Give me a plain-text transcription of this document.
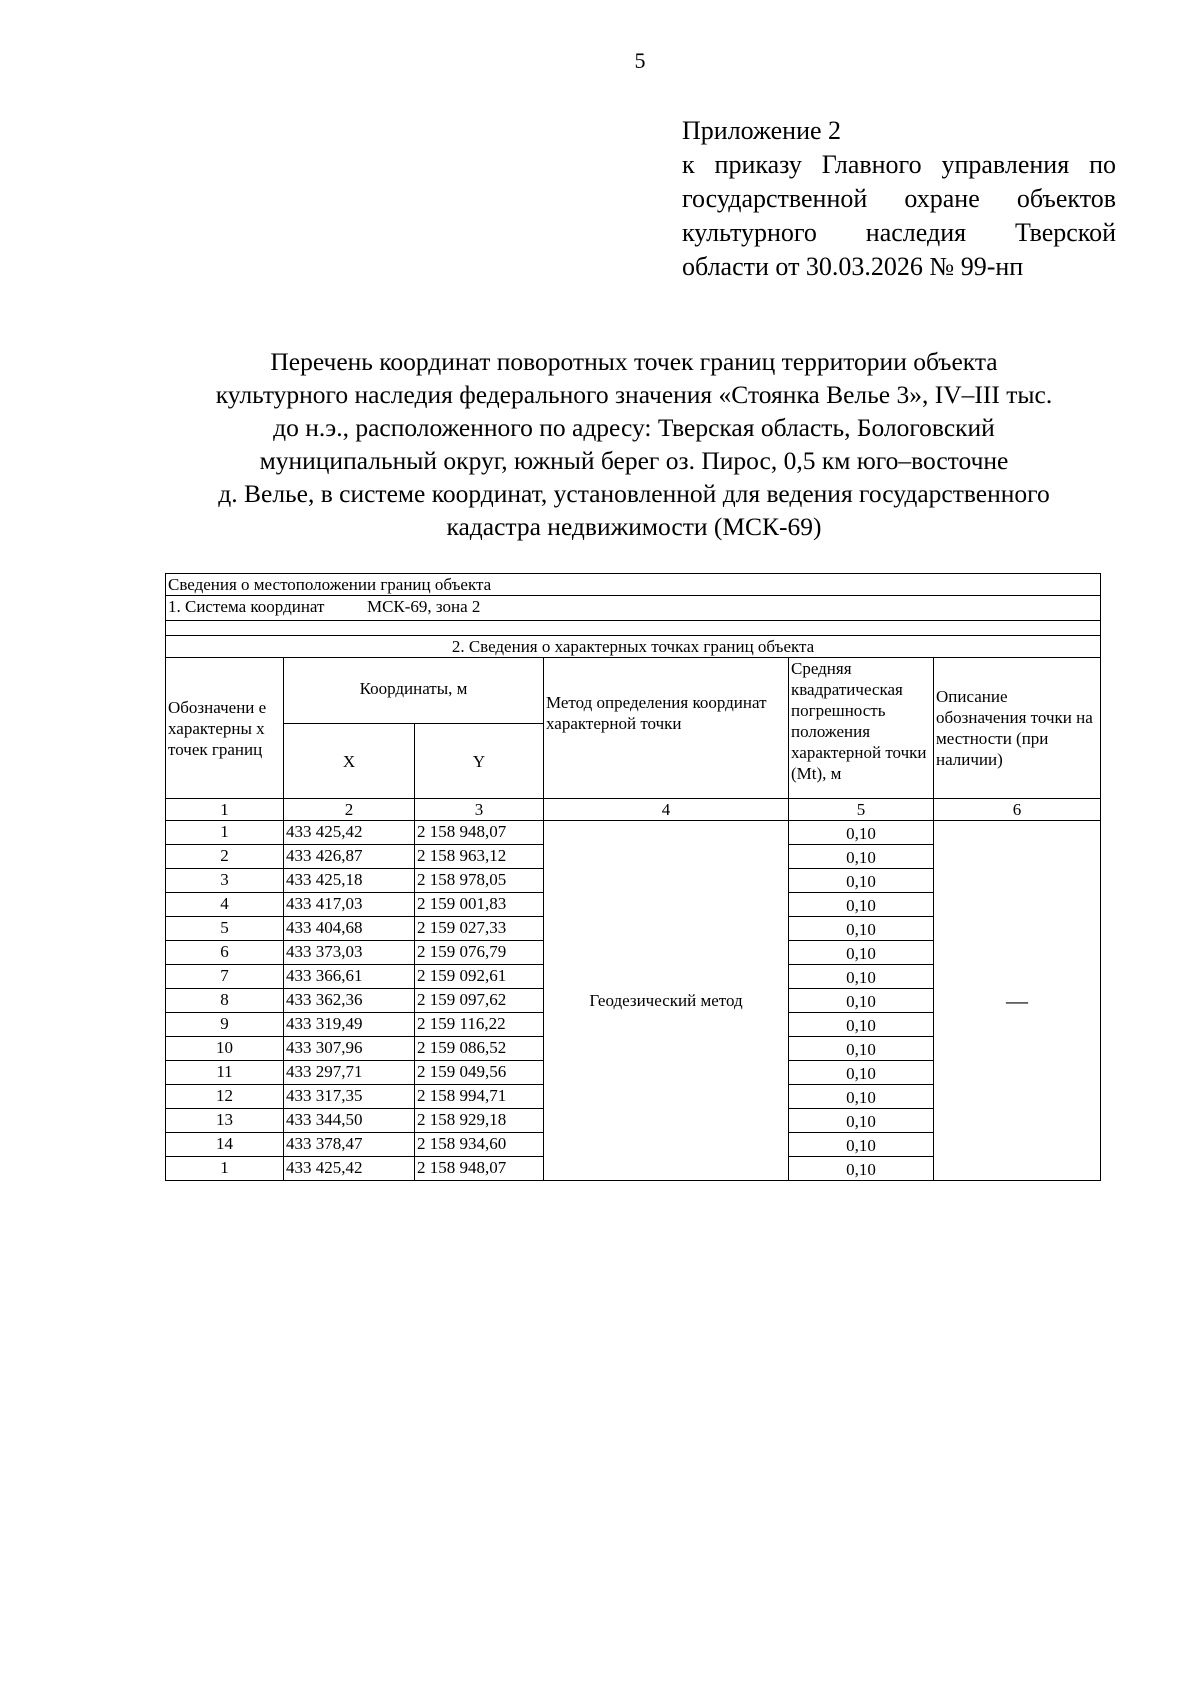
5
Приложение 2
к приказу Главного управления по
государственной охране объектов
культурного наследия Тверской
области от 30.03.2026 № 99-нп
Перечень координат поворотных точек границ территории объекта
культурного наследия федерального значения «Стоянка Велье 3», IV–III тыс.
до н.э., расположенного по адресу: Тверская область, Бологовский
муниципальный округ, южный берег оз. Пирос, 0,5 км юго–восточне
д. Велье, в системе координат, установленной для ведения государственного
кадастра недвижимости (МСК-69)
Сведения о местоположении границ объекта					
1. Система координат МСК-69, зона 2					

2. Сведения о характерных точках границ объекта					
Обозначени е характерны х точек границ	Координаты, м		Метод определения координат характерной точки	Средняя квадратическая погрешность положения характерной точки (Mt), м	Описание обозначения точки на местности (при наличии)
	X	Y			
1	2	3	4	5	6
1	433 425,42	2 158 948,07	Геодезический метод	0,10	—
2	433 426,87	2 158 963,12		0,10	
3	433 425,18	2 158 978,05		0,10	
4	433 417,03	2 159 001,83		0,10	
5	433 404,68	2 159 027,33		0,10	
6	433 373,03	2 159 076,79		0,10	
7	433 366,61	2 159 092,61		0,10	
8	433 362,36	2 159 097,62		0,10	
9	433 319,49	2 159 116,22		0,10	
10	433 307,96	2 159 086,52		0,10	
11	433 297,71	2 159 049,56		0,10	
12	433 317,35	2 158 994,71		0,10	
13	433 344,50	2 158 929,18		0,10	
14	433 378,47	2 158 934,60		0,10	
1	433 425,42	2 158 948,07		0,10	
